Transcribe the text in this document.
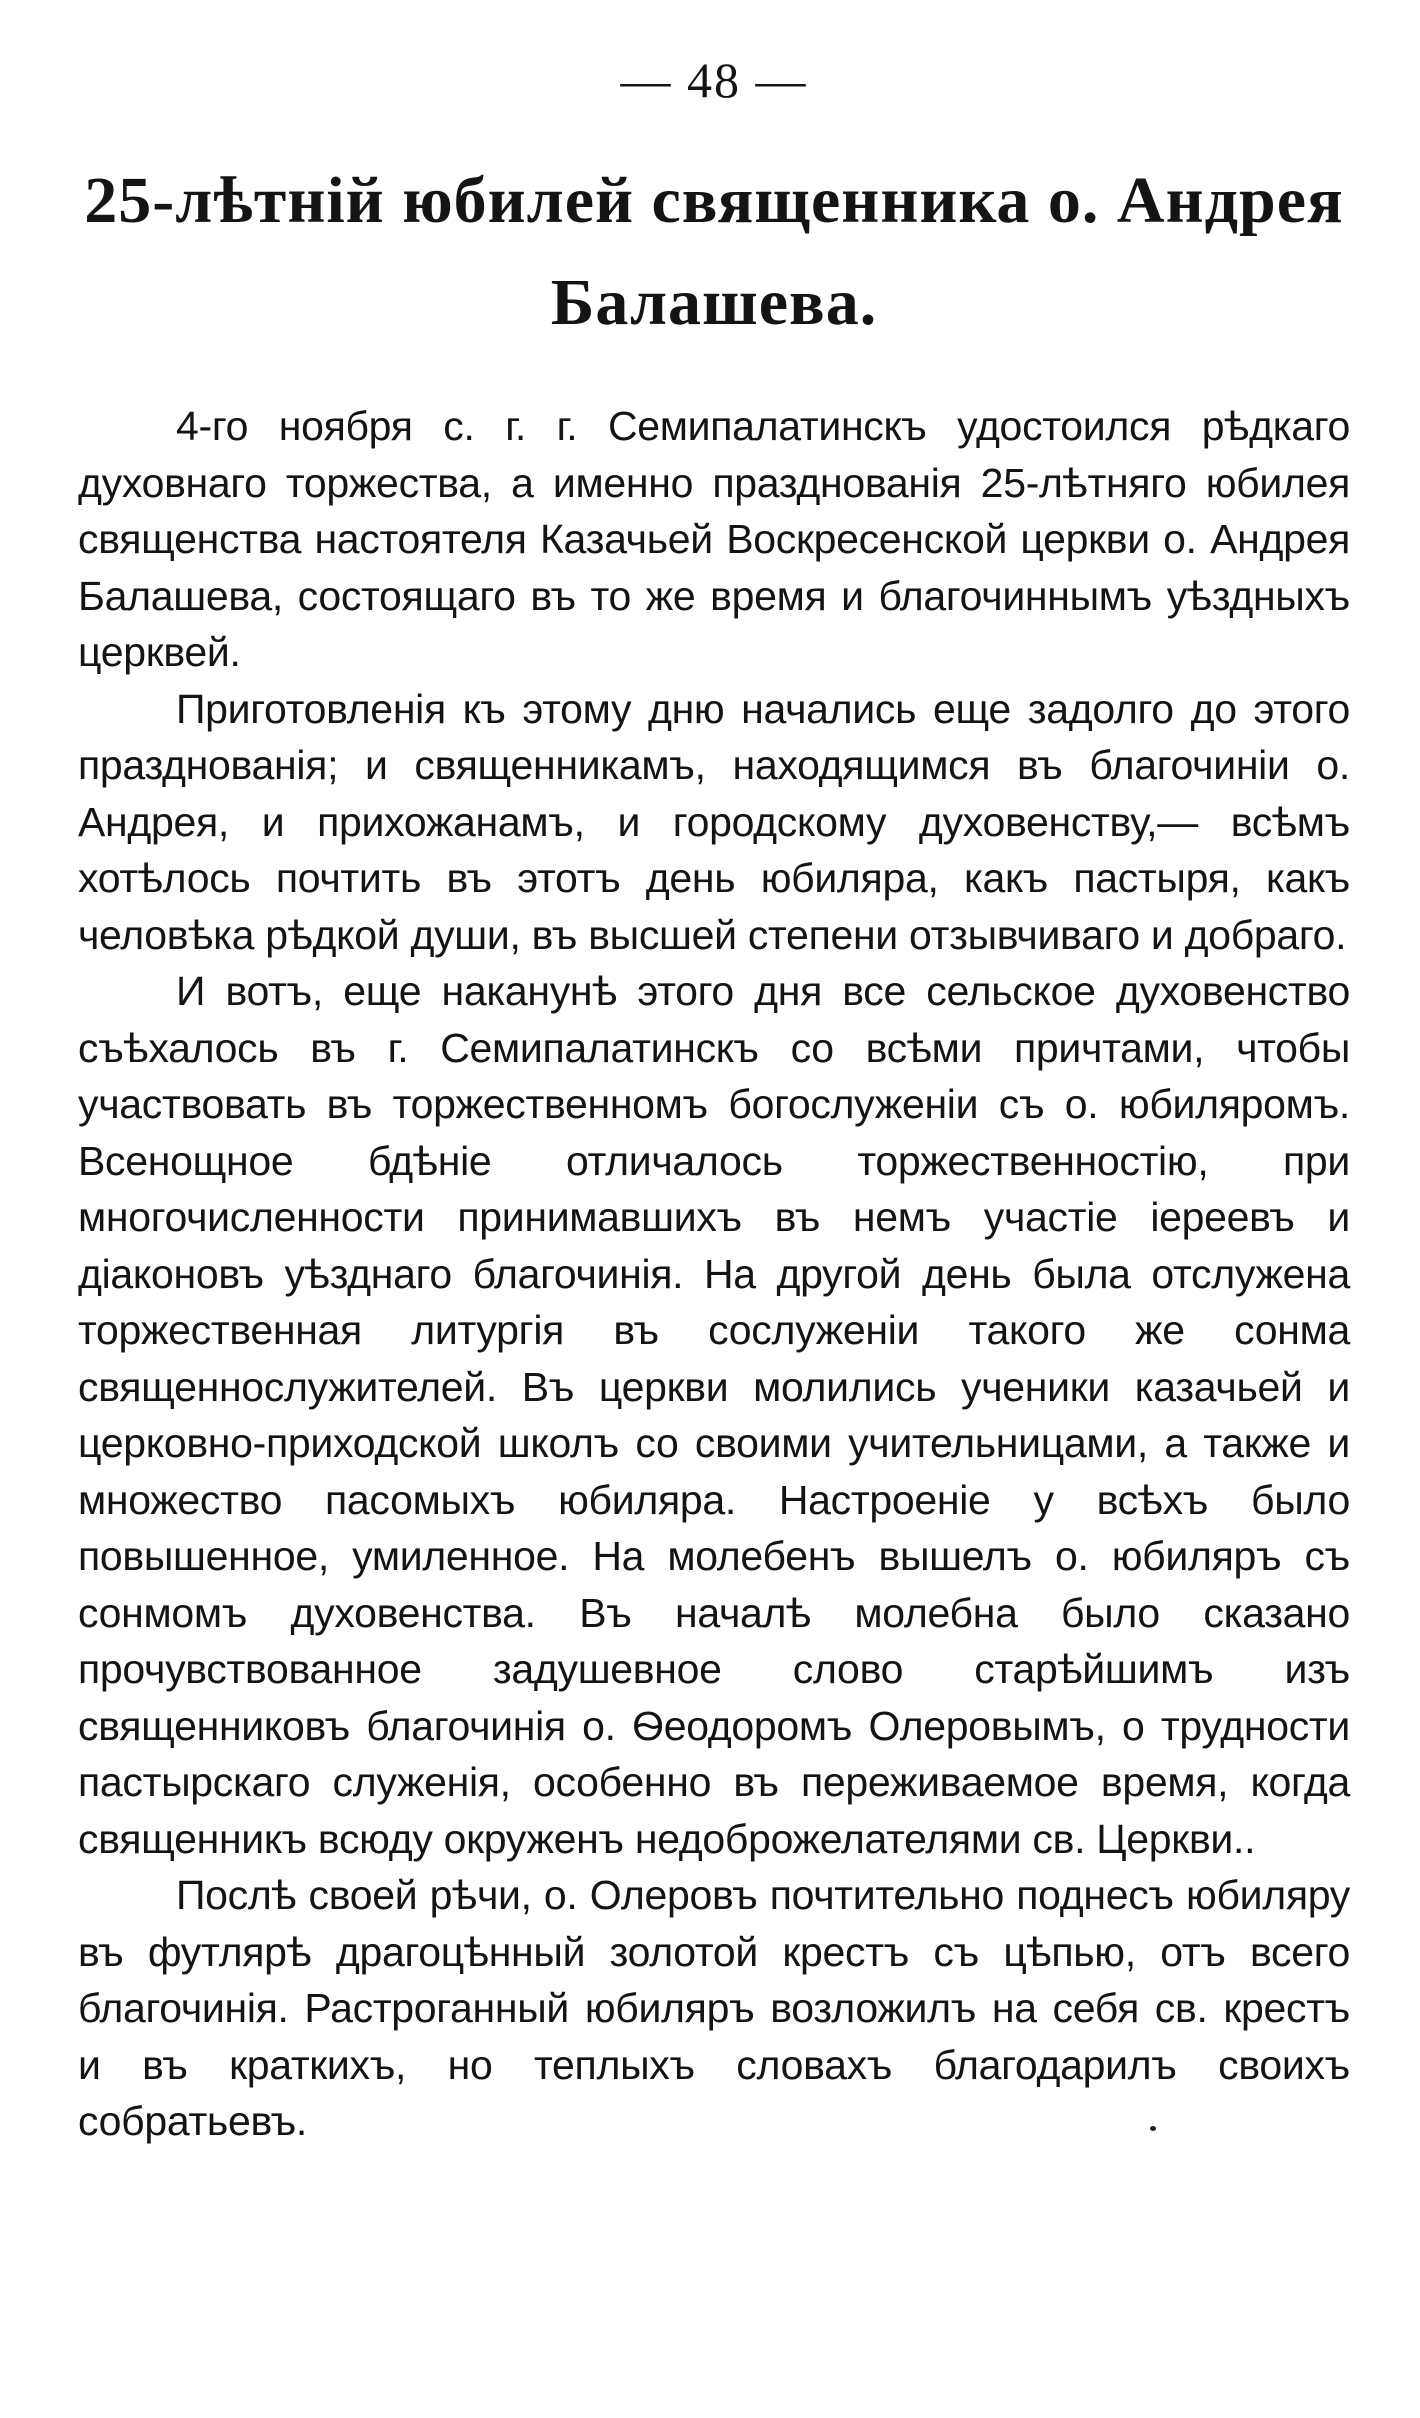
— 48 —
25-лѣтній юбилей священника о. Андрея
Балашева.

4-го ноября с. г. г. Семипалатинскъ удостоился рѣдкаго духовнаго торжества, а именно празднованія 25-лѣтняго юбилея священства настоятеля Казачьей Воскресенской церкви о. Андрея Балашева, состоящаго въ то же время и благочиннымъ уѣздныхъ церквей.

Приготовленія къ этому дню начались еще задолго до этого празднованія; и священникамъ, находящимся въ благочиніи о. Андрея, и прихожанамъ, и городскому духовенству,— всѣмъ хотѣлось почтить въ этотъ день юбиляра, какъ пастыря, какъ человѣка рѣдкой души, въ высшей степени отзывчиваго и добраго.

И вотъ, еще наканунѣ этого дня все сельское духовенство съѣхалось въ г. Семипалатинскъ со всѣми причтами, чтобы участвовать въ торжественномъ богослуженіи съ о. юбиляромъ. Всенощное бдѣніе отличалось торжественностію, при многочисленности принимавшихъ въ немъ участіе іереевъ и діаконовъ уѣзднаго благочинія. На другой день была отслужена торжественная литургія въ сослуженіи такого же сонма священнослужителей. Въ церкви молились ученики казачьей и церковно-приходской школъ со своими учительницами, а также и множество пасомыхъ юбиляра. Настроеніе у всѣхъ было повышенное, умиленное. На молебенъ вышелъ о. юбиляръ съ сонмомъ духовенства. Въ началѣ молебна было сказано прочувствованное задушевное слово старѣйшимъ изъ священниковъ благочинія о. Ѳеодоромъ Олеровымъ, о трудности пастырскаго служенія, особенно въ переживаемое время, когда священникъ всюду окруженъ недоброжелателями св. Церкви..

Послѣ своей рѣчи, о. Олеровъ почтительно поднесъ юбиляру въ футлярѣ драгоцѣнный золотой крестъ съ цѣпью, отъ всего благочинія. Растроганный юбиляръ возложилъ на себя св. крестъ и въ краткихъ, но теплыхъ словахъ благодарилъ своихъ собратьевъ.
